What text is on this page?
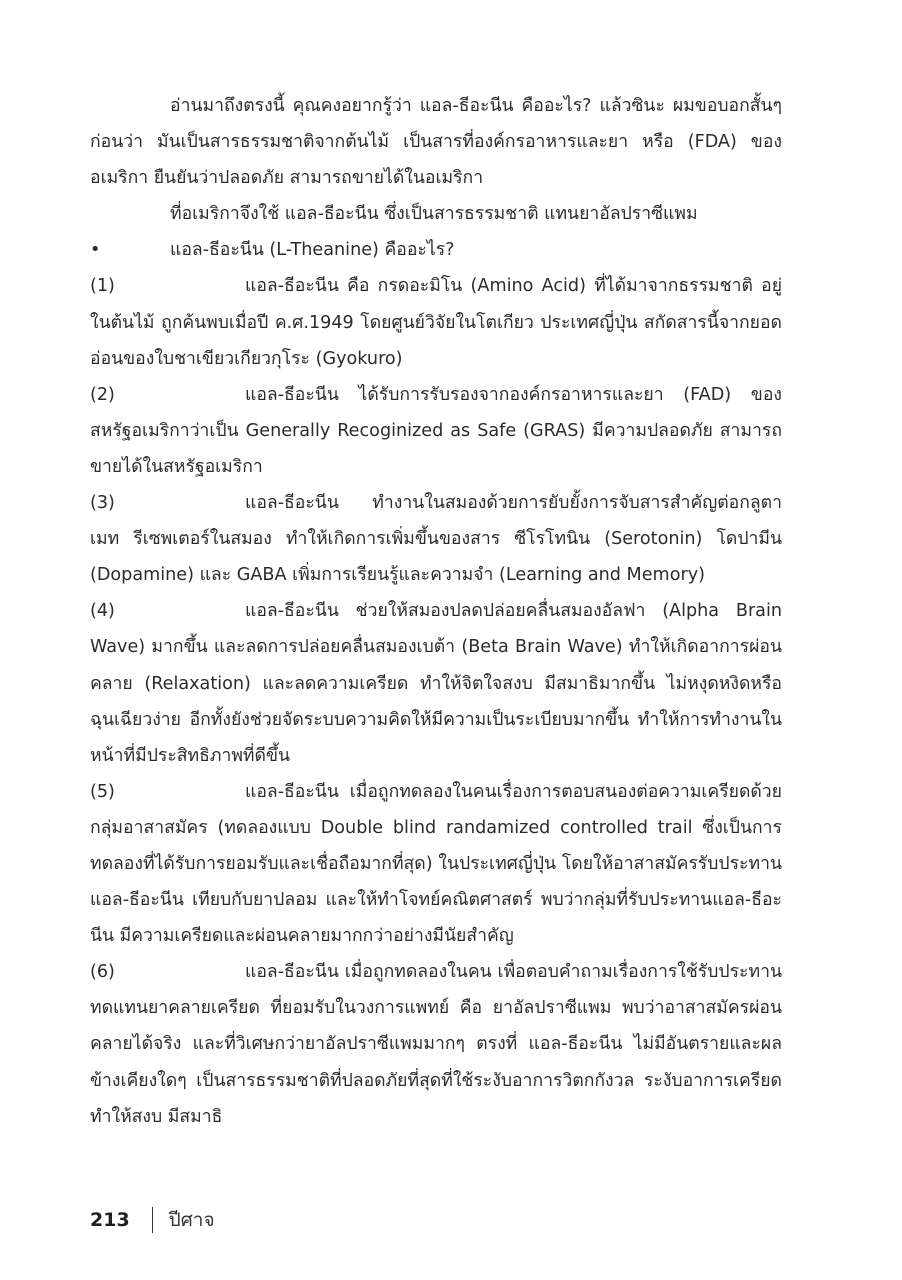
อ่านมาถึงตรงนี้ คุณคงอยากรู้ว่า แอล-ธีอะนีน คืออะไร? แล้วซินะ ผมขอบอกสั้นๆ ก่อนว่า มันเป็นสารธรรมชาติจากต้นไม้ เป็นสารที่องค์กรอาหารและยา หรือ (FDA) ของอเมริกา ยืนยันว่าปลอดภัย สามารถขายได้ในอเมริกา

ที่อเมริกาจึงใช้ แอล-ธีอะนีน ซึ่งเป็นสารธรรมชาติ แทนยาอัลปราซีแพม

•	แอล-ธีอะนีน (L-Theanine) คืออะไร?

(1)	แอล-ธีอะนีน คือ กรดอะมิโน (Amino Acid) ที่ได้มาจากธรรมชาติ อยู่ในต้นไม้ ถูกค้นพบเมื่อปี ค.ศ.1949 โดยศูนย์วิจัยในโตเกียว ประเทศญี่ปุ่น สกัดสารนี้จากยอดอ่อนของใบชาเขียวเกียวกุโระ (Gyokuro)

(2)	แอล-ธีอะนีน ได้รับการรับรองจากองค์กรอาหารและยา (FAD) ของสหรัฐอเมริกาว่าเป็น Generally Recoginized as Safe (GRAS) มีความปลอดภัย สามารถขายได้ในสหรัฐอเมริกา

(3)	แอล-ธีอะนีน ทำงานในสมองด้วยการยับยั้งการจับสารสำคัญต่อกลูตาเมท รีเซพเตอร์ในสมอง ทำให้เกิดการเพิ่มขึ้นของสาร ซีโรโทนิน (Serotonin) โดปามีน (Dopamine) และ GABA เพิ่มการเรียนรู้และความจำ (Learning and Memory)

(4)	แอล-ธีอะนีน ช่วยให้สมองปลดปล่อยคลื่นสมองอัลฟา (Alpha Brain Wave) มากขึ้น และลดการปล่อยคลื่นสมองเบต้า (Beta Brain Wave) ทำให้เกิดอาการผ่อนคลาย (Relaxation) และลดความเครียด ทำให้จิตใจสงบ มีสมาธิมากขึ้น ไม่หงุดหงิดหรือฉุนเฉียวง่าย อีกทั้งยังช่วยจัดระบบความคิดให้มีความเป็นระเบียบมากขึ้น ทำให้การทำงานในหน้าที่มีประสิทธิภาพที่ดีขึ้น

(5)	แอล-ธีอะนีน เมื่อถูกทดลองในคนเรื่องการตอบสนองต่อความเครียดด้วยกลุ่มอาสาสมัคร (ทดลองแบบ Double blind randamized controlled trail ซึ่งเป็นการทดลองที่ได้รับการยอมรับและเชื่อถือมากที่สุด) ในประเทศญี่ปุ่น โดยให้อาสาสมัครรับประทานแอล-ธีอะนีน เทียบกับยาปลอม และให้ทำโจทย์คณิตศาสตร์ พบว่ากลุ่มที่รับประทานแอล-ธีอะนีน มีความเครียดและผ่อนคลายมากกว่าอย่างมีนัยสำคัญ

(6)	แอล-ธีอะนีน เมื่อถูกทดลองในคน เพื่อตอบคำถามเรื่องการใช้รับประทานทดแทนยาคลายเครียด ที่ยอมรับในวงการแพทย์ คือ ยาอัลปราซีแพม พบว่าอาสาสมัครผ่อนคลายได้จริง และที่วิเศษกว่ายาอัลปราซีแพมมากๆ ตรงที่ แอล-ธีอะนีน ไม่มีอันตรายและผลข้างเคียงใดๆ เป็นสารธรรมชาติที่ปลอดภัยที่สุดที่ใช้ระงับอาการวิตกกังวล ระงับอาการเครียด ทำให้สงบ มีสมาธิ

213 ปีศาจ
